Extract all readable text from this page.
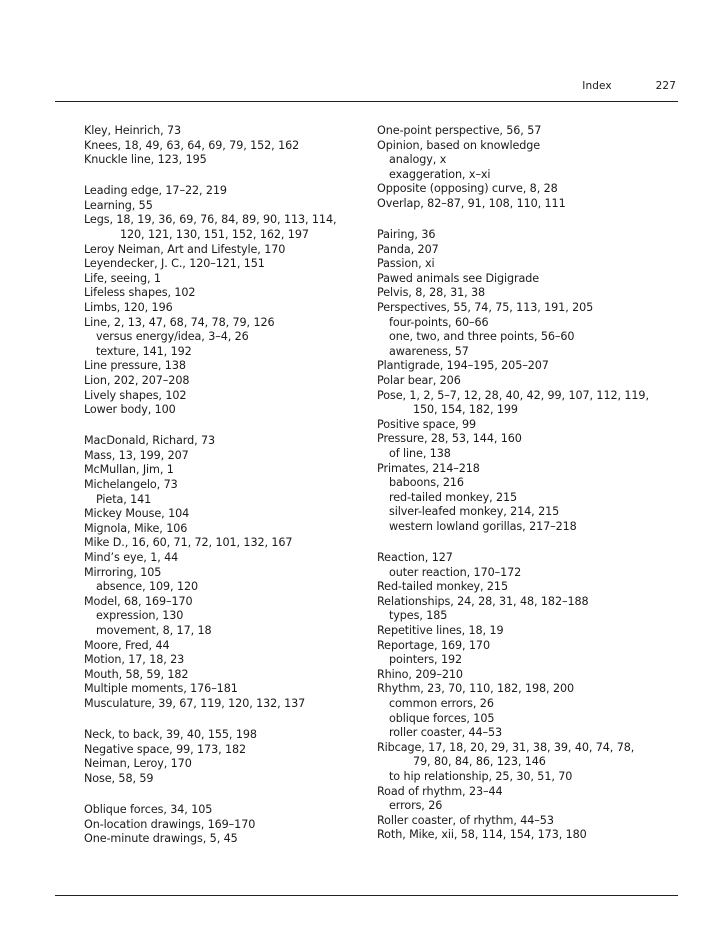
Index	227
Kley, Heinrich, 73
Knees, 18, 49, 63, 64, 69, 79, 152, 162
Knuckle line, 123, 195
Leading edge, 17–22, 219
Learning, 55
Legs, 18, 19, 36, 69, 76, 84, 89, 90, 113, 114,
120, 121, 130, 151, 152, 162, 197
Leroy Neiman, Art and Lifestyle, 170
Leyendecker, J. C., 120–121, 151
Life, seeing, 1
Lifeless shapes, 102
Limbs, 120, 196
Line, 2, 13, 47, 68, 74, 78, 79, 126
versus energy/idea, 3–4, 26
texture, 141, 192
Line pressure, 138
Lion, 202, 207–208
Lively shapes, 102
Lower body, 100
MacDonald, Richard, 73
Mass, 13, 199, 207
McMullan, Jim, 1
Michelangelo, 73
Pieta, 141
Mickey Mouse, 104
Mignola, Mike, 106
Mike D., 16, 60, 71, 72, 101, 132, 167
Mind’s eye, 1, 44
Mirroring, 105
absence, 109, 120
Model, 68, 169–170
expression, 130
movement, 8, 17, 18
Moore, Fred, 44
Motion, 17, 18, 23
Mouth, 58, 59, 182
Multiple moments, 176–181
Musculature, 39, 67, 119, 120, 132, 137
Neck, to back, 39, 40, 155, 198
Negative space, 99, 173, 182
Neiman, Leroy, 170
Nose, 58, 59
Oblique forces, 34, 105
On-location drawings, 169–170
One-minute drawings, 5, 45
One-point perspective, 56, 57
Opinion, based on knowledge
analogy, x
exaggeration, x–xi
Opposite (opposing) curve, 8, 28
Overlap, 82–87, 91, 108, 110, 111
Pairing, 36
Panda, 207
Passion, xi
Pawed animals see Digigrade
Pelvis, 8, 28, 31, 38
Perspectives, 55, 74, 75, 113, 191, 205
four-points, 60–66
one, two, and three points, 56–60
awareness, 57
Plantigrade, 194–195, 205–207
Polar bear, 206
Pose, 1, 2, 5–7, 12, 28, 40, 42, 99, 107, 112, 119,
150, 154, 182, 199
Positive space, 99
Pressure, 28, 53, 144, 160
of line, 138
Primates, 214–218
baboons, 216
red-tailed monkey, 215
silver-leafed monkey, 214, 215
western lowland gorillas, 217–218
Reaction, 127
outer reaction, 170–172
Red-tailed monkey, 215
Relationships, 24, 28, 31, 48, 182–188
types, 185
Repetitive lines, 18, 19
Reportage, 169, 170
pointers, 192
Rhino, 209–210
Rhythm, 23, 70, 110, 182, 198, 200
common errors, 26
oblique forces, 105
roller coaster, 44–53
Ribcage, 17, 18, 20, 29, 31, 38, 39, 40, 74, 78,
79, 80, 84, 86, 123, 146
to hip relationship, 25, 30, 51, 70
Road of rhythm, 23–44
errors, 26
Roller coaster, of rhythm, 44–53
Roth, Mike, xii, 58, 114, 154, 173, 180
